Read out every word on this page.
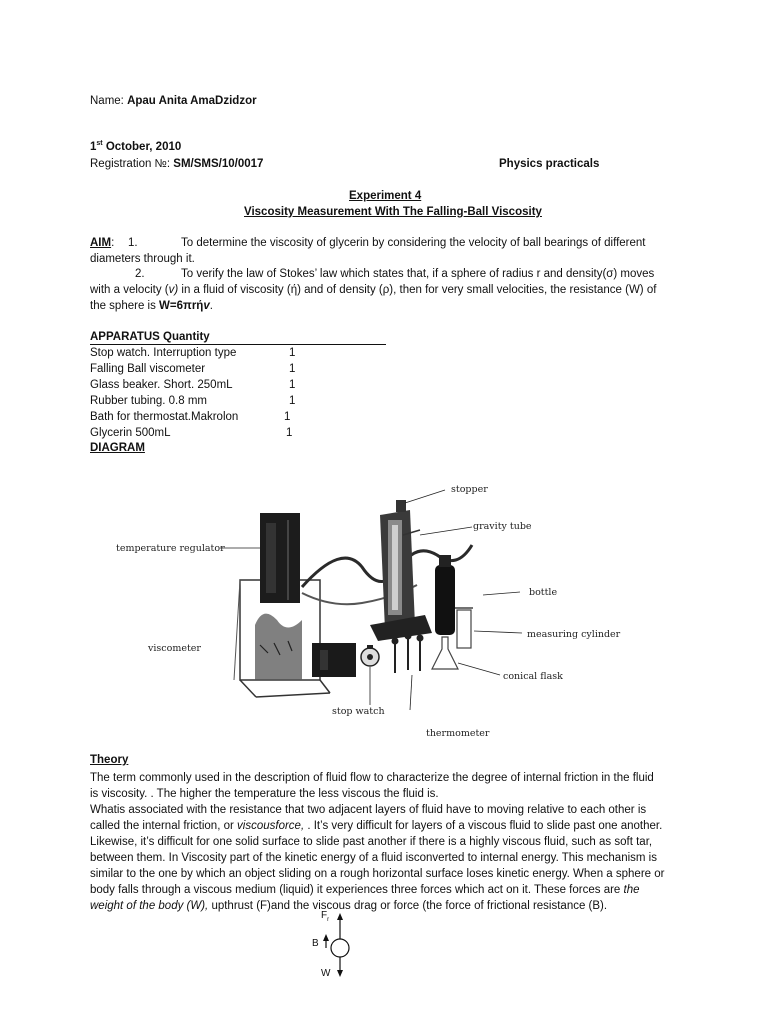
Name: Apau Anita AmaDzidzor
1st October, 2010
Registration №: SM/SMS/10/0017	Physics practicals
Experiment 4
Viscosity Measurement With The Falling-Ball Viscosity
AIM: 1.	To determine the viscosity of glycerin by considering the velocity of ball bearings of different
diameters through it.
2.	To verify the law of Stokes’ law which states that, if a sphere of radius r and density(σ) moves
with a velocity (v) in a fluid of viscosity (ή) and of density (ρ), then for very small velocities, the resistance (W) of
the sphere is W=6πrήv.
APPARATUS Quantity
Stop watch. Interruption type	1
Falling Ball viscometer	1
Glass beaker. Short. 250mL	1
Rubber tubing. 0.8 mm	1
Bath for thermostat.Makrolon	1
Glycerin 500mL	1
DIAGRAM
stopper
gravity tube
temperature regulator
bottle
measuring cylinder
viscometer
conical flask
stop watch
thermometer
Theory
The term commonly used in the description of fluid flow to characterize the degree of internal friction in the fluid
is viscosity. . The higher the temperature the less viscous the fluid is.
Whatis associated with the resistance that two adjacent layers of fluid have to moving relative to each other is
called the internal friction, or viscousforce, . It’s very difficult for layers of a viscous fluid to slide past one another.
Likewise, it’s difficult for one solid surface to slide past another if there is a highly viscous fluid, such as soft tar,
between them. In Viscosity part of the kinetic energy of a fluid isconverted to internal energy. This mechanism is
similar to the one by which an object sliding on a rough horizontal surface loses kinetic energy. When a sphere or
body falls through a viscous medium (liquid) it experiences three forces which act on it. These forces are the
weight of the body (W), upthrust (F)and the viscous drag or force (the force of frictional resistance (B).
$F_r$
B
W
